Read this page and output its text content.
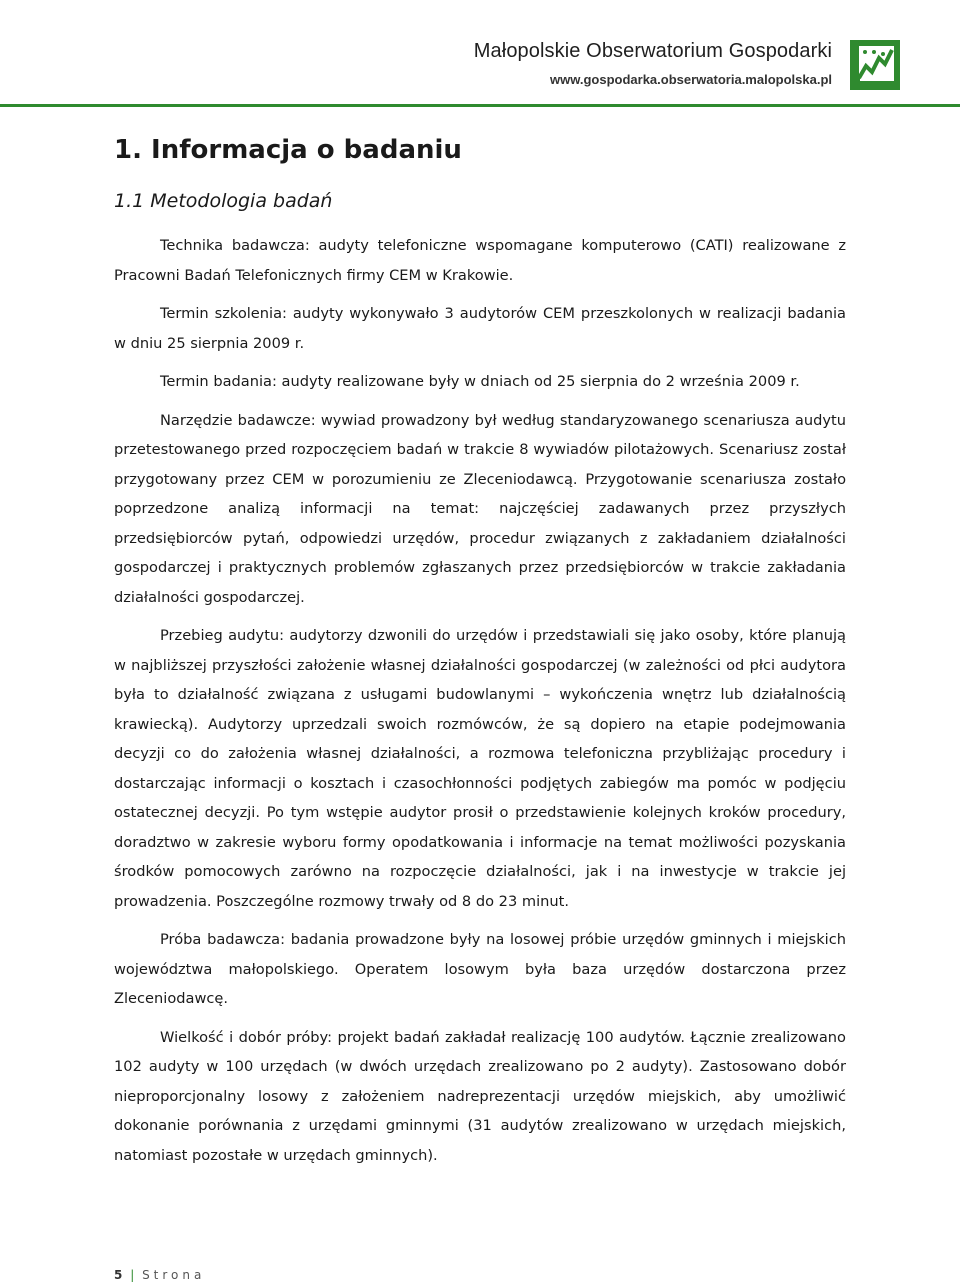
Małopolskie Obserwatorium Gospodarki
www.gospodarka.obserwatoria.malopolska.pl
1. Informacja o badaniu
1.1 Metodologia badań

Technika badawcza: audyty telefoniczne wspomagane komputerowo (CATI) realizowane z Pracowni Badań Telefonicznych firmy CEM w Krakowie.

Termin szkolenia: audyty wykonywało 3 audytorów CEM przeszkolonych w realizacji badania w dniu 25 sierpnia 2009 r.

Termin badania: audyty realizowane były w dniach od 25 sierpnia do 2 września 2009 r.

Narzędzie badawcze: wywiad prowadzony był według standaryzowanego scenariusza audytu przetestowanego przed rozpoczęciem badań w trakcie 8 wywiadów pilotażowych. Scenariusz został przygotowany przez CEM w porozumieniu ze Zleceniodawcą. Przygotowanie scenariusza zostało poprzedzone analizą informacji na temat: najczęściej zadawanych przez przyszłych przedsiębiorców pytań, odpowiedzi urzędów, procedur związanych z zakładaniem działalności gospodarczej i praktycznych problemów zgłaszanych przez przedsiębiorców w trakcie zakładania działalności gospodarczej.

Przebieg audytu: audytorzy dzwonili do urzędów i przedstawiali się jako osoby, które planują w najbliższej przyszłości założenie własnej działalności gospodarczej (w zależności od płci audytora była to działalność związana z usługami budowlanymi – wykończenia wnętrz lub działalnością krawiecką). Audytorzy uprzedzali swoich rozmówców, że są dopiero na etapie podejmowania decyzji co do założenia własnej działalności, a rozmowa telefoniczna przybliżając procedury i dostarczając informacji o kosztach i czasochłonności podjętych zabiegów ma pomóc w podjęciu ostatecznej decyzji. Po tym wstępie audytor prosił o przedstawienie kolejnych kroków procedury, doradztwo w zakresie wyboru formy opodatkowania i informacje na temat możliwości pozyskania środków pomocowych zarówno na rozpoczęcie działalności, jak i na inwestycje w trakcie jej prowadzenia. Poszczególne rozmowy trwały od 8 do 23 minut.

Próba badawcza: badania prowadzone były na losowej próbie urzędów gminnych i miejskich województwa małopolskiego. Operatem losowym była baza urzędów dostarczona przez Zleceniodawcę.

Wielkość i dobór próby: projekt badań zakładał realizację 100 audytów. Łącznie zrealizowano 102 audyty w 100 urzędach (w dwóch urzędach zrealizowano po 2 audyty). Zastosowano dobór nieproporcjonalny losowy z założeniem nadreprezentacji urzędów miejskich, aby umożliwić dokonanie porównania z urzędami gminnymi (31 audytów zrealizowano w urzędach miejskich, natomiast pozostałe w urzędach gminnych).

5 | Strona
